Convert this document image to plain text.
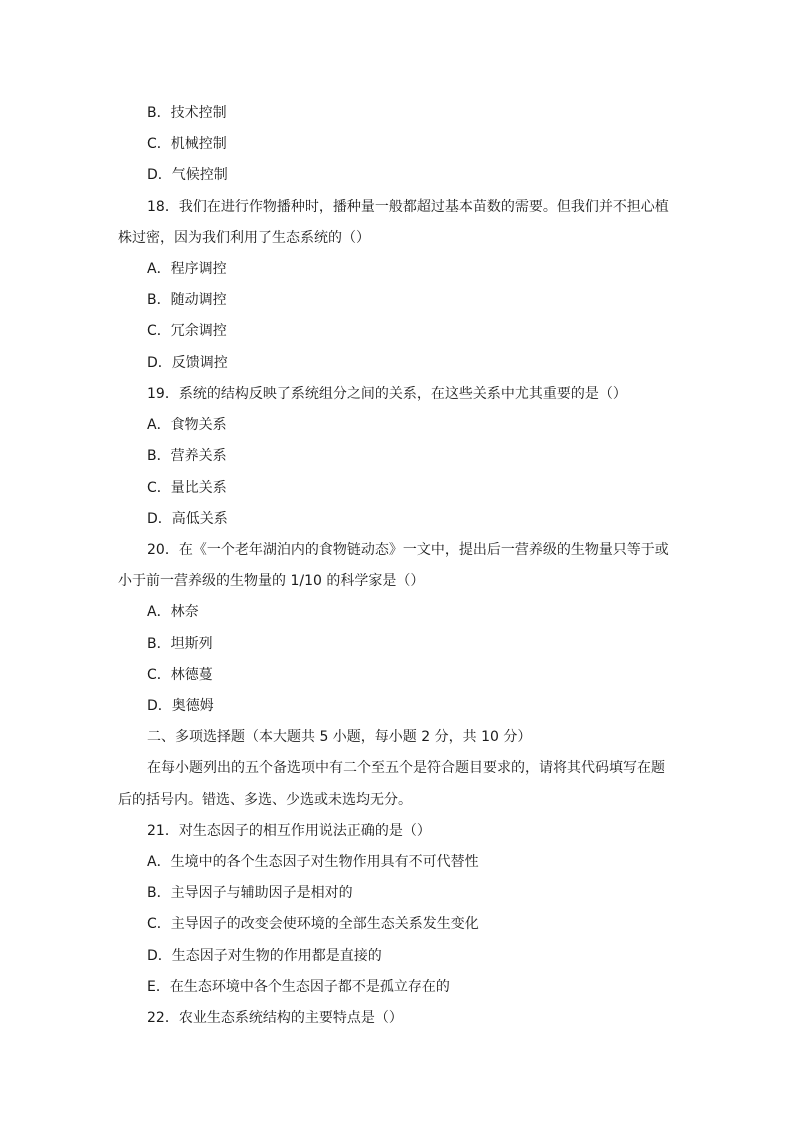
B．技术控制
C．机械控制
D．气候控制
18．我们在进行作物播种时，播种量一般都超过基本苗数的需要。但我们并不担心植
株过密，因为我们利用了生态系统的（）
A．程序调控
B．随动调控
C．冗余调控
D．反馈调控
19．系统的结构反映了系统组分之间的关系，在这些关系中尤其重要的是（）
A．食物关系
B．营养关系
C．量比关系
D．高低关系
20．在《一个老年湖泊内的食物链动态》一文中，提出后一营养级的生物量只等于或
小于前一营养级的生物量的 1/10 的科学家是（）
A．林奈
B．坦斯列
C．林德蔓
D．奥德姆
二、多项选择题（本大题共 5 小题，每小题 2 分，共 10 分）
在每小题列出的五个备选项中有二个至五个是符合题目要求的，请将其代码填写在题
后的括号内。错选、多选、少选或未选均无分。
21．对生态因子的相互作用说法正确的是（）
A．生境中的各个生态因子对生物作用具有不可代替性
B．主导因子与辅助因子是相对的
C．主导因子的改变会使环境的全部生态关系发生变化
D．生态因子对生物的作用都是直接的
E．在生态环境中各个生态因子都不是孤立存在的
22．农业生态系统结构的主要特点是（）
